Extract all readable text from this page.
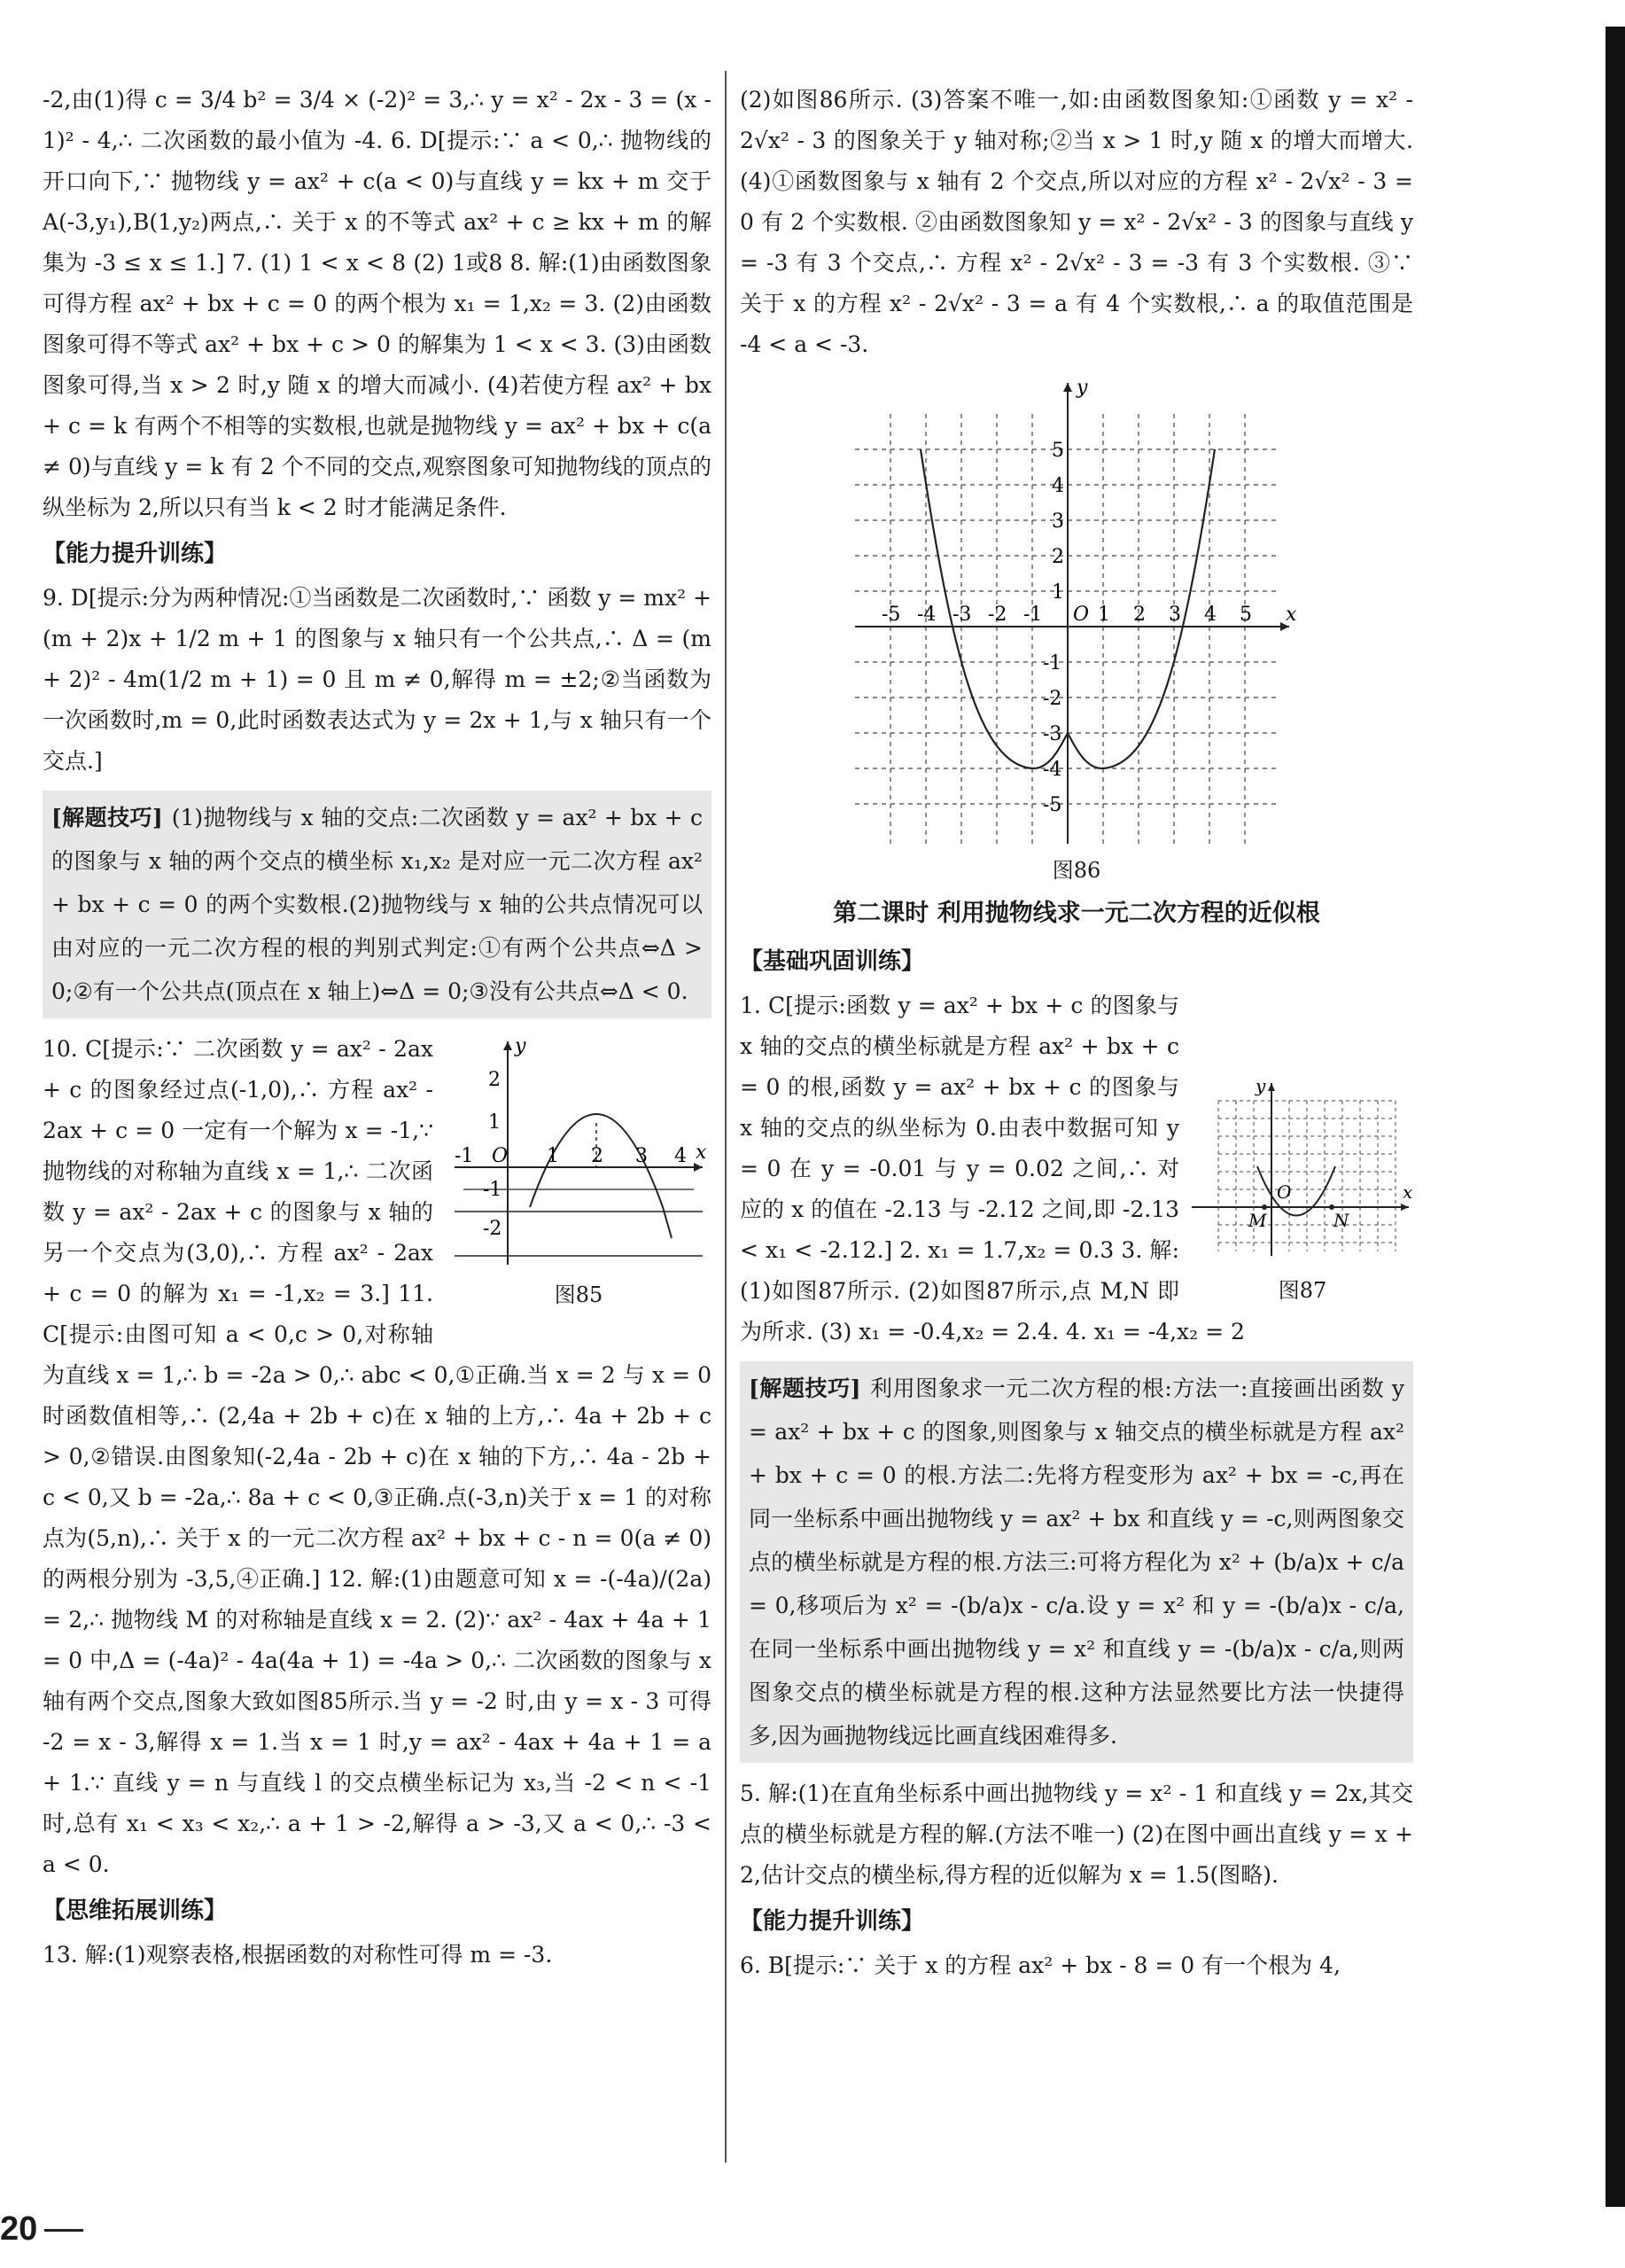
-2,由(1)得 c = 3/4 b² = 3/4 × (-2)² = 3,∴ y = x² - 2x - 3 = (x - 1)² - 4,∴ 二次函数的最小值为 -4. 6. D[提示:∵ a < 0,∴ 抛物线的开口向下,∵ 抛物线 y = ax² + c(a < 0)与直线 y = kx + m 交于 A(-3,y₁),B(1,y₂)两点,∴ 关于 x 的不等式 ax² + c ≥ kx + m 的解集为 -3 ≤ x ≤ 1.] 7. (1) 1 < x < 8 (2) 1或8 8. 解:(1)由函数图象可得方程 ax² + bx + c = 0 的两个根为 x₁ = 1,x₂ = 3. (2)由函数图象可得不等式 ax² + bx + c > 0 的解集为 1 < x < 3. (3)由函数图象可得,当 x > 2 时,y 随 x 的增大而减小. (4)若使方程 ax² + bx + c = k 有两个不相等的实数根,也就是抛物线 y = ax² + bx + c(a ≠ 0)与直线 y = k 有 2 个不同的交点,观察图象可知抛物线的顶点的纵坐标为 2,所以只有当 k < 2 时才能满足条件.

【能力提升训练】

9. D[提示:分为两种情况:①当函数是二次函数时,∵ 函数 y = mx² + (m + 2)x + 1/2 m + 1 的图象与 x 轴只有一个公共点,∴ Δ = (m + 2)² - 4m(1/2 m + 1) = 0 且 m ≠ 0,解得 m = ±2;②当函数为一次函数时,m = 0,此时函数表达式为 y = 2x + 1,与 x 轴只有一个交点.]

[解题技巧] (1)抛物线与 x 轴的交点:二次函数 y = ax² + bx + c 的图象与 x 轴的两个交点的横坐标 x₁,x₂ 是对应一元二次方程 ax² + bx + c = 0 的两个实数根.(2)抛物线与 x 轴的公共点情况可以由对应的一元二次方程的根的判别式判定:①有两个公共点⇔Δ > 0;②有一个公共点(顶点在 x 轴上)⇔Δ = 0;③没有公共点⇔Δ < 0.
y
x
O
-1	1 2 3 4
2
1
-1
-2

图85

10. C[提示:∵ 二次函数 y = ax² - 2ax + c 的图象经过点(-1,0),∴ 方程 ax² - 2ax + c = 0 一定有一个解为 x = -1,∵ 抛物线的对称轴为直线 x = 1,∴ 二次函数 y = ax² - 2ax + c 的图象与 x 轴的另一个交点为(3,0),∴ 方程 ax² - 2ax + c = 0 的解为 x₁ = -1,x₂ = 3.] 11. C[提示:由图可知 a < 0,c > 0,对称轴为直线 x = 1,∴ b = -2a > 0,∴ abc < 0,①正确.当 x = 2 与 x = 0 时函数值相等,∴ (2,4a + 2b + c)在 x 轴的上方,∴ 4a + 2b + c > 0,②错误.由图象知(-2,4a - 2b + c)在 x 轴的下方,∴ 4a - 2b + c < 0,又 b = -2a,∴ 8a + c < 0,③正确.点(-3,n)关于 x = 1 的对称点为(5,n),∴ 关于 x 的一元二次方程 ax² + bx + c - n = 0(a ≠ 0)的两根分别为 -3,5,④正确.] 12. 解:(1)由题意可知 x = -(-4a)/(2a) = 2,∴ 抛物线 M 的对称轴是直线 x = 2. (2)∵ ax² - 4ax + 4a + 1 = 0 中,Δ = (-4a)² - 4a(4a + 1) = -4a > 0,∴ 二次函数的图象与 x 轴有两个交点,图象大致如图85所示.当 y = -2 时,由 y = x - 3 可得 -2 = x - 3,解得 x = 1.当 x = 1 时,y = ax² - 4ax + 4a + 1 = a + 1.∵ 直线 y = n 与直线 l 的交点横坐标记为 x₃,当 -2 < n < -1 时,总有 x₁ < x₃ < x₂,∴ a + 1 > -2,解得 a > -3,又 a < 0,∴ -3 < a < 0.

【思维拓展训练】

13. 解:(1)观察表格,根据函数的对称性可得 m = -3.

(2)如图86所示. (3)答案不唯一,如:由函数图象知:①函数 y = x² - 2√x² - 3 的图象关于 y 轴对称;②当 x > 1 时,y 随 x 的增大而增大. (4)①函数图象与 x 轴有 2 个交点,所以对应的方程 x² - 2√x² - 3 = 0 有 2 个实数根. ②由函数图象知 y = x² - 2√x² - 3 的图象与直线 y = -3 有 3 个交点,∴ 方程 x² - 2√x² - 3 = -3 有 3 个实数根. ③∵ 关于 x 的方程 x² - 2√x² - 3 = a 有 4 个实数根,∴ a 的取值范围是 -4 < a < -3.

y
x
O
-5 -4 -3 -2 -1	1 2 3 4 5
5
4
3
2
1
-1
-2
-3
-4
-5

图86

第二课时 利用抛物线求一元二次方程的近似根
【基础巩固训练】
y
x
O
M	N

图87

1. C[提示:函数 y = ax² + bx + c 的图象与 x 轴的交点的横坐标就是方程 ax² + bx + c = 0 的根,函数 y = ax² + bx + c 的图象与 x 轴的交点的纵坐标为 0.由表中数据可知 y = 0 在 y = -0.01 与 y = 0.02 之间,∴ 对应的 x 的值在 -2.13 与 -2.12 之间,即 -2.13 < x₁ < -2.12.] 2. x₁ = 1.7,x₂ = 0.3 3. 解:(1)如图87所示. (2)如图87所示,点 M,N 即为所求. (3) x₁ = -0.4,x₂ = 2.4. 4. x₁ = -4,x₂ = 2

[解题技巧] 利用图象求一元二次方程的根:方法一:直接画出函数 y = ax² + bx + c 的图象,则图象与 x 轴交点的横坐标就是方程 ax² + bx + c = 0 的根.方法二:先将方程变形为 ax² + bx = -c,再在同一坐标系中画出抛物线 y = ax² + bx 和直线 y = -c,则两图象交点的横坐标就是方程的根.方法三:可将方程化为 x² + (b/a)x + c/a = 0,移项后为 x² = -(b/a)x - c/a.设 y = x² 和 y = -(b/a)x - c/a,在同一坐标系中画出抛物线 y = x² 和直线 y = -(b/a)x - c/a,则两图象交点的横坐标就是方程的根.这种方法显然要比方法一快捷得多,因为画抛物线远比画直线困难得多.

5. 解:(1)在直角坐标系中画出抛物线 y = x² - 1 和直线 y = 2x,其交点的横坐标就是方程的解.(方法不唯一) (2)在图中画出直线 y = x + 2,估计交点的横坐标,得方程的近似解为 x = 1.5(图略).

【能力提升训练】

6. B[提示:∵ 关于 x 的方程 ax² + bx - 8 = 0 有一个根为 4,

20
